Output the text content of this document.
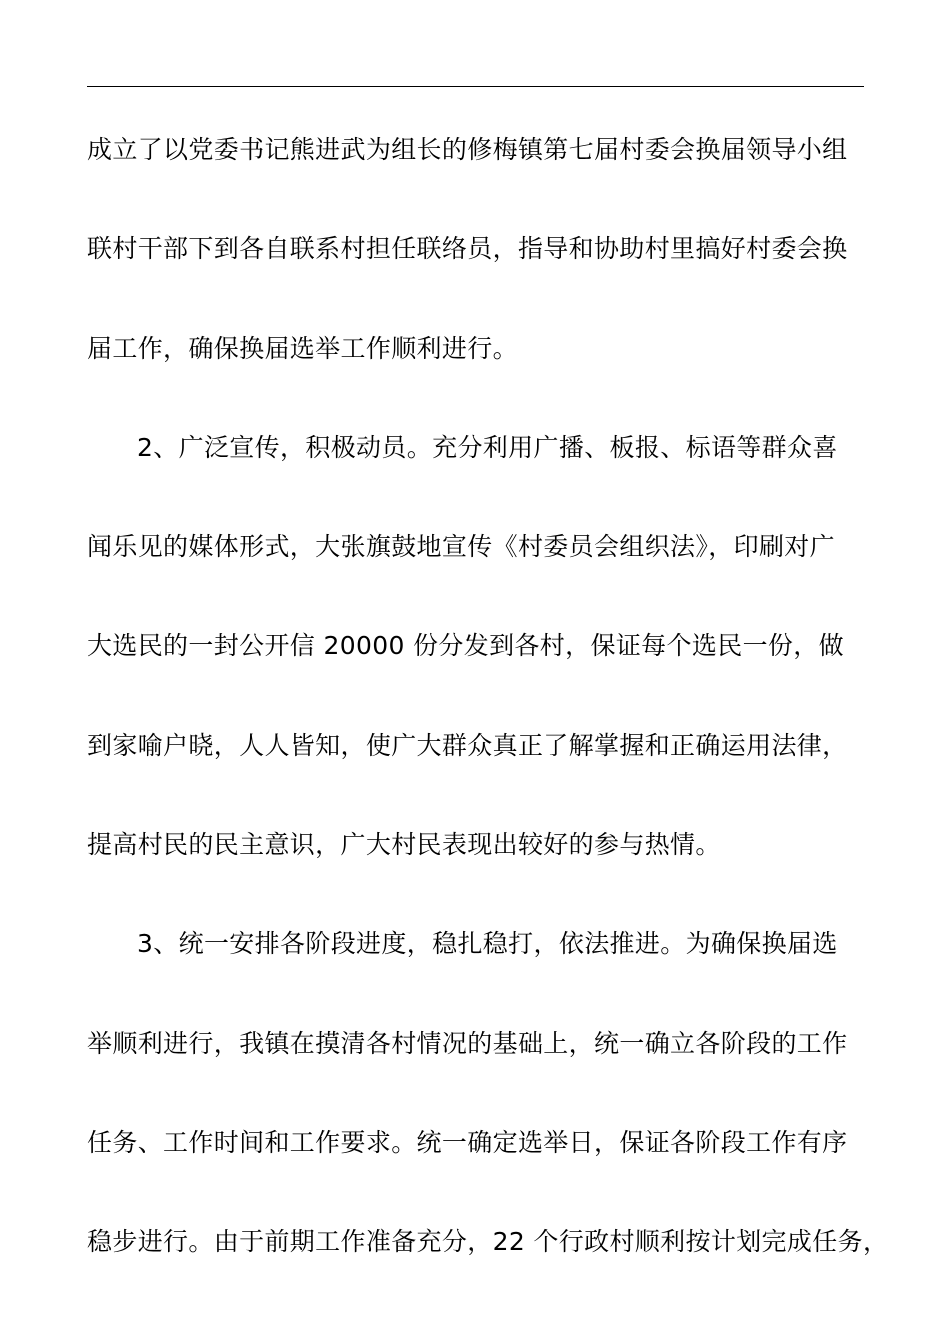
成立了以党委书记熊进武为组长的修梅镇第七届村委会换届领导小组
联村干部下到各自联系村担任联络员，指导和协助村里搞好村委会换
届工作，确保换届选举工作顺利进行。
2、广泛宣传，积极动员。充分利用广播、板报、标语等群众喜
闻乐见的媒体形式，大张旗鼓地宣传《村委员会组织法》，印刷对广
大选民的一封公开信 20000 份分发到各村，保证每个选民一份，做
到家喻户晓，人人皆知，使广大群众真正了解掌握和正确运用法律，
提高村民的民主意识，广大村民表现出较好的参与热情。
3、统一安排各阶段进度，稳扎稳打，依法推进。为确保换届选
举顺利进行，我镇在摸清各村情况的基础上，统一确立各阶段的工作
任务、工作时间和工作要求。统一确定选举日，保证各阶段工作有序
稳步进行。由于前期工作准备充分，22 个行政村顺利按计划完成任务，
